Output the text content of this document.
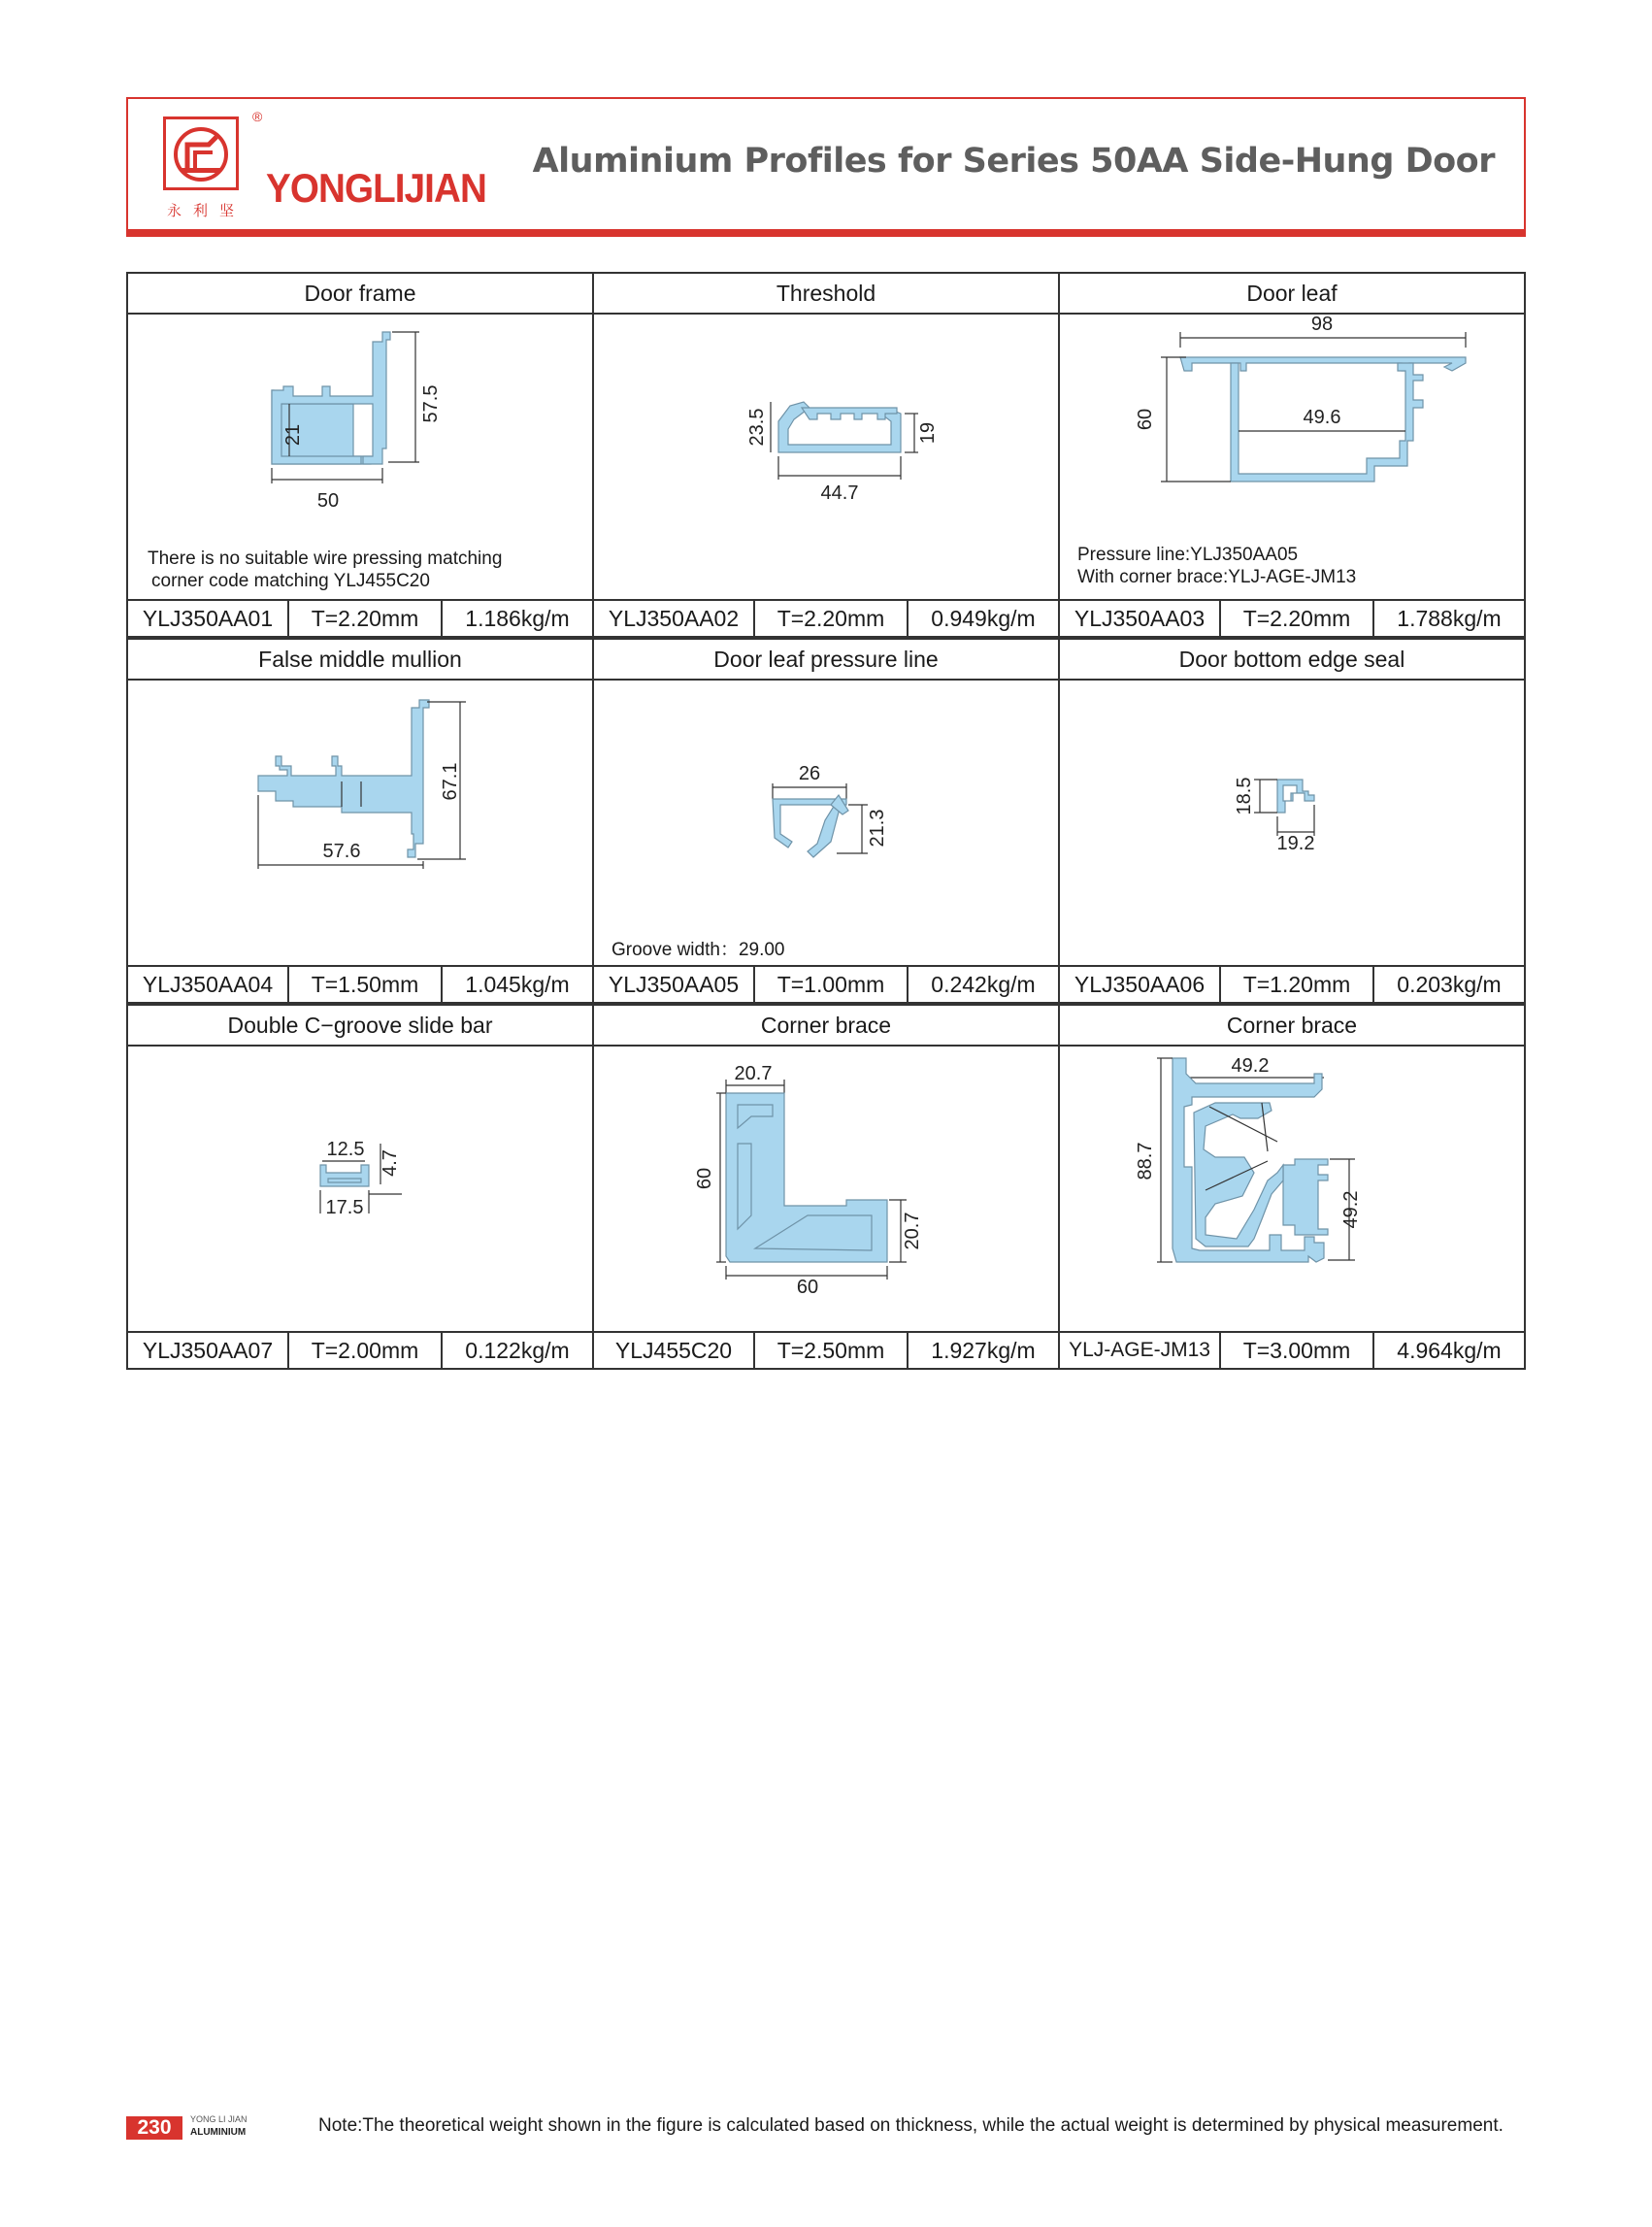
®
永利坚 YONGLIJIAN
Aluminium Profiles for Series 50AA Side-Hung Door
Door frame
57.5
21
50
There is no suitable wire pressing matching
corner code matching YLJ455C20
Threshold
23.5	19
44.7
Door leaf
98
49.6
60
Pressure line:YLJ350AA05
With corner brace:YLJ-AGE-JM13
YLJ350AA01	T=2.20mm	1.186kg/m	YLJ350AA02	T=2.20mm	0.949kg/m	YLJ350AA03	T=2.20mm	1.788kg/m
False middle mullion
67.1
57.6
Door leaf pressure line
26
21.3
Groove width：29.00
Door bottom edge seal
18.5
19.2
YLJ350AA04	T=1.50mm	1.045kg/m	YLJ350AA05	T=1.00mm	0.242kg/m	YLJ350AA06	T=1.20mm	0.203kg/m
Double C−groove slide bar
12.5
4.7
17.5
Corner brace
20.7
60
20.7
60
Corner brace
49.2
88.7
49.2
YLJ350AA07	T=2.00mm	0.122kg/m	YLJ455C20	T=2.50mm	1.927kg/m	YLJ-AGE-JM13	T=3.00mm	4.964kg/m
230	YONG LI JIAN
ALUMINIUM	Note:The theoretical weight shown in the figure is calculated based on thickness, while the actual weight is determined by physical measurement.
